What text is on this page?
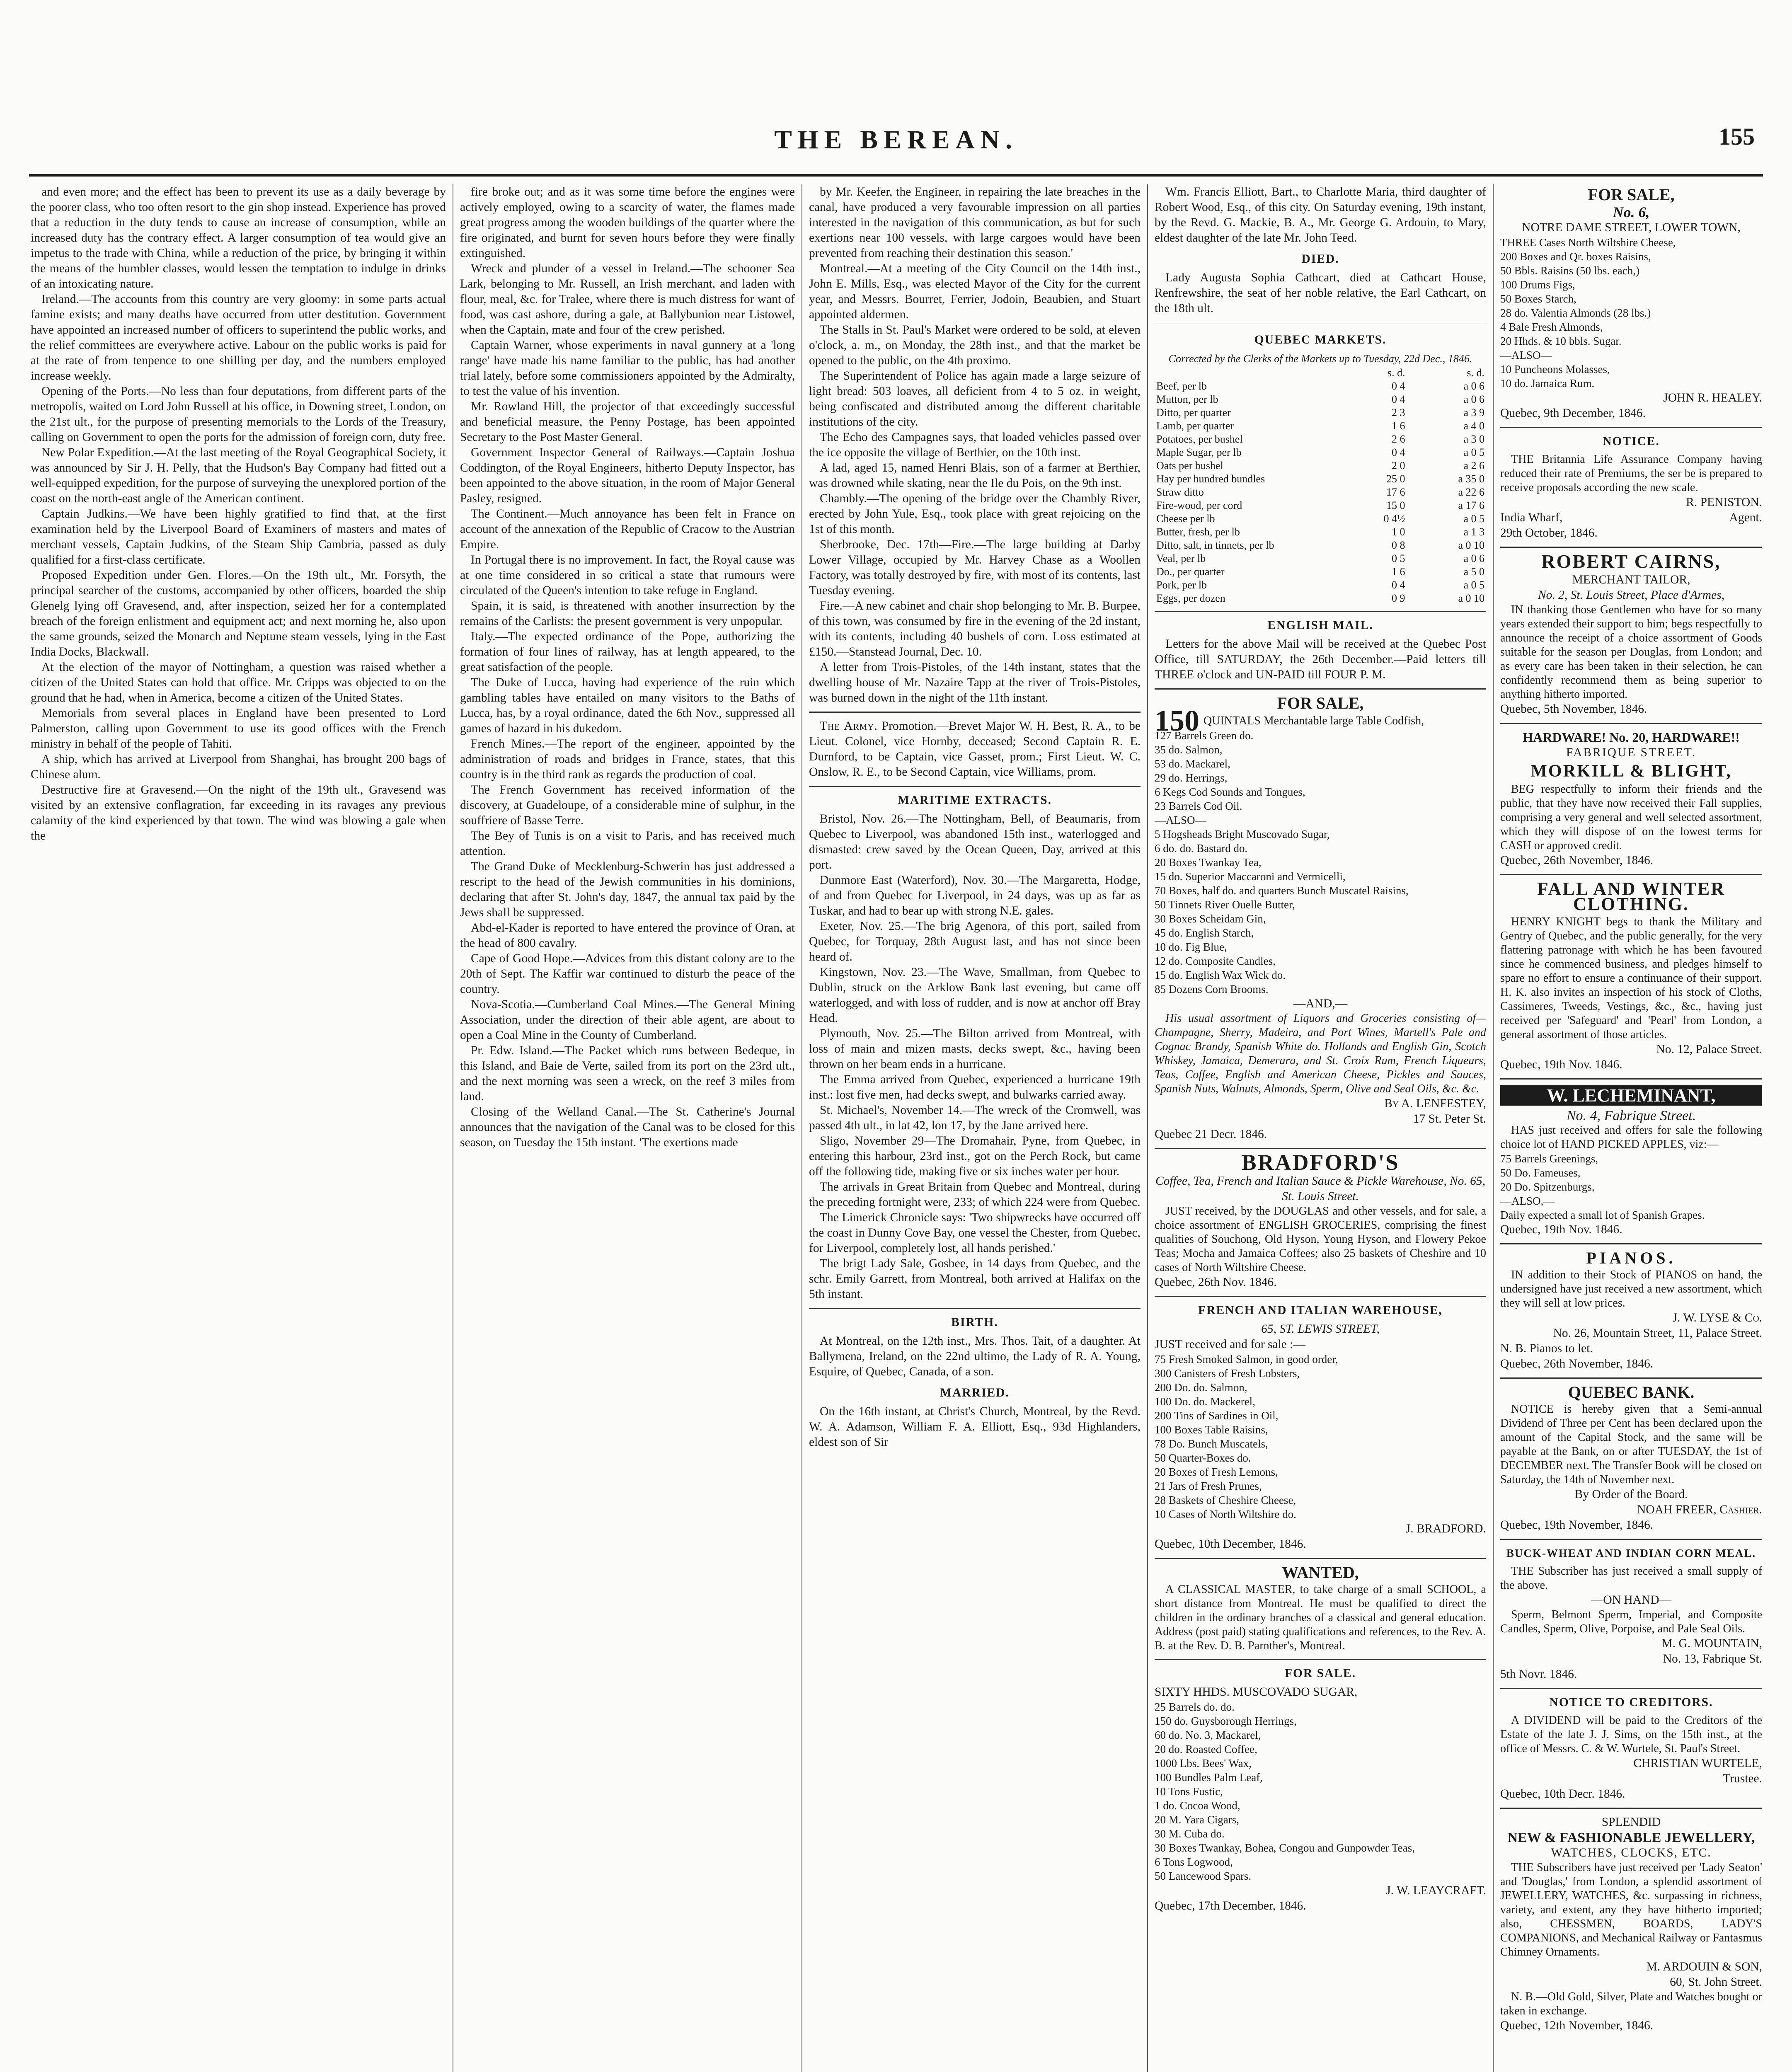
THE BEREAN.	155

and even more; and the effect has been to prevent its use as a daily beverage by the poorer class, who too often resort to the gin shop instead. Experience has proved that a reduction in the duty tends to cause an increase of consumption, while an increased duty has the contrary effect. A larger consumption of tea would give an impetus to the trade with China, while a reduction of the price, by bringing it within the means of the humbler classes, would lessen the temptation to indulge in drinks of an intoxicating nature.

Ireland.—The accounts from this country are very gloomy: in some parts actual famine exists; and many deaths have occurred from utter destitution. Government have appointed an increased number of officers to superintend the public works, and the relief committees are everywhere active. Labour on the public works is paid for at the rate of from tenpence to one shilling per day, and the numbers employed increase weekly.

Opening of the Ports.—No less than four deputations, from different parts of the metropolis, waited on Lord John Russell at his office, in Downing street, London, on the 21st ult., for the purpose of presenting memorials to the Lords of the Treasury, calling on Government to open the ports for the admission of foreign corn, duty free.

New Polar Expedition.—At the last meeting of the Royal Geographical Society, it was announced by Sir J. H. Pelly, that the Hudson's Bay Company had fitted out a well-equipped expedition, for the purpose of surveying the unexplored portion of the coast on the north-east angle of the American continent.

Captain Judkins.—We have been highly gratified to find that, at the first examination held by the Liverpool Board of Examiners of masters and mates of merchant vessels, Captain Judkins, of the Steam Ship Cambria, passed as duly qualified for a first-class certificate.

Proposed Expedition under Gen. Flores.—On the 19th ult., Mr. Forsyth, the principal searcher of the customs, accompanied by other officers, boarded the ship Glenelg lying off Gravesend, and, after inspection, seized her for a contemplated breach of the foreign enlistment and equipment act; and next morning he, also upon the same grounds, seized the Monarch and Neptune steam vessels, lying in the East India Docks, Blackwall.

At the election of the mayor of Nottingham, a question was raised whether a citizen of the United States can hold that office. Mr. Cripps was objected to on the ground that he had, when in America, become a citizen of the United States.

Memorials from several places in England have been presented to Lord Palmerston, calling upon Government to use its good offices with the French ministry in behalf of the people of Tahiti.

A ship, which has arrived at Liverpool from Shanghai, has brought 200 bags of Chinese alum.

Destructive fire at Gravesend.—On the night of the 19th ult., Gravesend was visited by an extensive conflagration, far exceeding in its ravages any previous calamity of the kind experienced by that town. The wind was blowing a gale when the

fire broke out; and as it was some time before the engines were actively employed, owing to a scarcity of water, the flames made great progress among the wooden buildings of the quarter where the fire originated, and burnt for seven hours before they were finally extinguished.

Wreck and plunder of a vessel in Ireland.—The schooner Sea Lark, belonging to Mr. Russell, an Irish merchant, and laden with flour, meal, &c. for Tralee, where there is much distress for want of food, was cast ashore, during a gale, at Ballybunion near Listowel, when the Captain, mate and four of the crew perished.

Captain Warner, whose experiments in naval gunnery at a 'long range' have made his name familiar to the public, has had another trial lately, before some commissioners appointed by the Admiralty, to test the value of his invention.

Mr. Rowland Hill, the projector of that exceedingly successful and beneficial measure, the Penny Postage, has been appointed Secretary to the Post Master General.

Government Inspector General of Railways.—Captain Joshua Coddington, of the Royal Engineers, hitherto Deputy Inspector, has been appointed to the above situation, in the room of Major General Pasley, resigned.

The Continent.—Much annoyance has been felt in France on account of the annexation of the Republic of Cracow to the Austrian Empire.

In Portugal there is no improvement. In fact, the Royal cause was at one time considered in so critical a state that rumours were circulated of the Queen's intention to take refuge in England.

Spain, it is said, is threatened with another insurrection by the remains of the Carlists: the present government is very unpopular.

Italy.—The expected ordinance of the Pope, authorizing the formation of four lines of railway, has at length appeared, to the great satisfaction of the people.

The Duke of Lucca, having had experience of the ruin which gambling tables have entailed on many visitors to the Baths of Lucca, has, by a royal ordinance, dated the 6th Nov., suppressed all games of hazard in his dukedom.

French Mines.—The report of the engineer, appointed by the administration of roads and bridges in France, states, that this country is in the third rank as regards the production of coal.

The French Government has received information of the discovery, at Guadeloupe, of a considerable mine of sulphur, in the souffriere of Basse Terre.

The Bey of Tunis is on a visit to Paris, and has received much attention.

The Grand Duke of Mecklenburg-Schwerin has just addressed a rescript to the head of the Jewish communities in his dominions, declaring that after St. John's day, 1847, the annual tax paid by the Jews shall be suppressed.

Abd-el-Kader is reported to have entered the province of Oran, at the head of 800 cavalry.

Cape of Good Hope.—Advices from this distant colony are to the 20th of Sept. The Kaffir war continued to disturb the peace of the country.

Nova-Scotia.—Cumberland Coal Mines.—The General Mining Association, under the direction of their able agent, are about to open a Coal Mine in the County of Cumberland.

Pr. Edw. Island.—The Packet which runs between Bedeque, in this Island, and Baie de Verte, sailed from its port on the 23rd ult., and the next morning was seen a wreck, on the reef 3 miles from land.

Closing of the Welland Canal.—The St. Catherine's Journal announces that the navigation of the Canal was to be closed for this season, on Tuesday the 15th instant. 'The exertions made

by Mr. Keefer, the Engineer, in repairing the late breaches in the canal, have produced a very favourable impression on all parties interested in the navigation of this communication, as but for such exertions near 100 vessels, with large cargoes would have been prevented from reaching their destination this season.'

Montreal.—At a meeting of the City Council on the 14th inst., John E. Mills, Esq., was elected Mayor of the City for the current year, and Messrs. Bourret, Ferrier, Jodoin, Beaubien, and Stuart appointed aldermen.

The Stalls in St. Paul's Market were ordered to be sold, at eleven o'clock, a. m., on Monday, the 28th inst., and that the market be opened to the public, on the 4th proximo.

The Superintendent of Police has again made a large seizure of light bread: 503 loaves, all deficient from 4 to 5 oz. in weight, being confiscated and distributed among the different charitable institutions of the city.

The Echo des Campagnes says, that loaded vehicles passed over the ice opposite the village of Berthier, on the 10th inst.

A lad, aged 15, named Henri Blais, son of a farmer at Berthier, was drowned while skating, near the Ile du Pois, on the 9th inst.

Chambly.—The opening of the bridge over the Chambly River, erected by John Yule, Esq., took place with great rejoicing on the 1st of this month.

Sherbrooke, Dec. 17th—Fire.—The large building at Darby Lower Village, occupied by Mr. Harvey Chase as a Woollen Factory, was totally destroyed by fire, with most of its contents, last Tuesday evening.

Fire.—A new cabinet and chair shop belonging to Mr. B. Burpee, of this town, was consumed by fire in the evening of the 2d instant, with its contents, including 40 bushels of corn. Loss estimated at £150.—Stanstead Journal, Dec. 10.

A letter from Trois-Pistoles, of the 14th instant, states that the dwelling house of Mr. Nazaire Tapp at the river of Trois-Pistoles, was burned down in the night of the 11th instant.

The Army. Promotion.—Brevet Major W. H. Best, R. A., to be Lieut. Colonel, vice Hornby, deceased; Second Captain R. E. Durnford, to be Captain, vice Gasset, prom.; First Lieut. W. C. Onslow, R. E., to be Second Captain, vice Williams, prom.

MARITIME EXTRACTS.

Bristol, Nov. 26.—The Nottingham, Bell, of Beaumaris, from Quebec to Liverpool, was abandoned 15th inst., waterlogged and dismasted: crew saved by the Ocean Queen, Day, arrived at this port.

Dunmore East (Waterford), Nov. 30.—The Margaretta, Hodge, of and from Quebec for Liverpool, in 24 days, was up as far as Tuskar, and had to bear up with strong N.E. gales.

Exeter, Nov. 25.—The brig Agenora, of this port, sailed from Quebec, for Torquay, 28th August last, and has not since been heard of.

Kingstown, Nov. 23.—The Wave, Smallman, from Quebec to Dublin, struck on the Arklow Bank last evening, but came off waterlogged, and with loss of rudder, and is now at anchor off Bray Head.

Plymouth, Nov. 25.—The Bilton arrived from Montreal, with loss of main and mizen masts, decks swept, &c., having been thrown on her beam ends in a hurricane.

The Emma arrived from Quebec, experienced a hurricane 19th inst.: lost five men, had decks swept, and bulwarks carried away.

St. Michael's, November 14.—The wreck of the Cromwell, was passed 4th ult., in lat 42, lon 17, by the Jane arrived here.

Sligo, November 29—The Dromahair, Pyne, from Quebec, in entering this harbour, 23rd inst., got on the Perch Rock, but came off the following tide, making five or six inches water per hour.

The arrivals in Great Britain from Quebec and Montreal, during the preceding fortnight were, 233; of which 224 were from Quebec.

The Limerick Chronicle says: 'Two shipwrecks have occurred off the coast in Dunny Cove Bay, one vessel the Chester, from Quebec, for Liverpool, completely lost, all hands perished.'

The brigt Lady Sale, Gosbee, in 14 days from Quebec, and the schr. Emily Garrett, from Montreal, both arrived at Halifax on the 5th instant.

BIRTH.

At Montreal, on the 12th inst., Mrs. Thos. Tait, of a daughter. At Ballymena, Ireland, on the 22nd ultimo, the Lady of R. A. Young, Esquire, of Quebec, Canada, of a son.

MARRIED.

On the 16th instant, at Christ's Church, Montreal, by the Revd. W. A. Adamson, William F. A. Elliott, Esq., 93d Highlanders, eldest son of Sir

Wm. Francis Elliott, Bart., to Charlotte Maria, third daughter of Robert Wood, Esq., of this city. On Saturday evening, 19th instant, by the Revd. G. Mackie, B. A., Mr. George G. Ardouin, to Mary, eldest daughter of the late Mr. John Teed.

DIED.

Lady Augusta Sophia Cathcart, died at Cathcart House, Renfrewshire, the seat of her noble relative, the Earl Cathcart, on the 18th ult.

QUEBEC MARKETS.

Corrected by the Clerks of the Markets up to Tuesday, 22d Dec., 1846.

	s. d.	s. d.
Beef, per lb	0 4	a 0 6
Mutton, per lb	0 4	a 0 6
Ditto, per quarter	2 3	a 3 9
Lamb, per quarter	1 6	a 4 0
Potatoes, per bushel	2 6	a 3 0
Maple Sugar, per lb	0 4	a 0 5
Oats per bushel	2 0	a 2 6
Hay per hundred bundles	25 0	a 35 0
Straw ditto	17 6	a 22 6
Fire-wood, per cord	15 0	a 17 6
Cheese per lb	0 4½	a 0 5
Butter, fresh, per lb	1 0	a 1 3
Ditto, salt, in tinnets, per lb	0 8	a 0 10
Veal, per lb	0 5	a 0 6
Do., per quarter	1 6	a 5 0
Pork, per lb	0 4	a 0 5
Eggs, per dozen	0 9	a 0 10
ENGLISH MAIL.

Letters for the above Mail will be received at the Quebec Post Office, till SATURDAY, the 26th December.—Paid letters till THREE o'clock and UN-PAID till FOUR P. M.

FOR SALE,
150 QUINTALS Merchantable large Table Codfish,
127 Barrels Green do.
35 do. Salmon,
53 do. Mackarel,
29 do. Herrings,
6 Kegs Cod Sounds and Tongues,
23 Barrels Cod Oil.
—ALSO—
5 Hogsheads Bright Muscovado Sugar,
6 do. do. Bastard do.
20 Boxes Twankay Tea,
15 do. Superior Maccaroni and Vermicelli,
70 Boxes, half do. and quarters Bunch Muscatel Raisins,
50 Tinnets River Ouelle Butter,
30 Boxes Scheidam Gin,
45 do. English Starch,
10 do. Fig Blue,
12 do. Composite Candles,
15 do. English Wax Wick do.
85 Dozens Corn Brooms.
—AND,—

His usual assortment of Liquors and Groceries consisting of— Champagne, Sherry, Madeira, and Port Wines, Martell's Pale and Cognac Brandy, Spanish White do. Hollands and English Gin, Scotch Whiskey, Jamaica, Demerara, and St. Croix Rum, French Liqueurs, Teas, Coffee, English and American Cheese, Pickles and Sauces, Spanish Nuts, Walnuts, Almonds, Sperm, Olive and Seal Oils, &c. &c.

By A. LENFESTEY,
17 St. Peter St.
Quebec 21 Decr. 1846.
BRADFORD'S

Coffee, Tea, French and Italian Sauce & Pickle Warehouse, No. 65, St. Louis Street.

JUST received, by the DOUGLAS and other vessels, and for sale, a choice assortment of ENGLISH GROCERIES, comprising the finest qualities of Souchong, Old Hyson, Young Hyson, and Flowery Pekoe Teas; Mocha and Jamaica Coffees; also 25 baskets of Cheshire and 10 cases of North Wiltshire Cheese.

Quebec, 26th Nov. 1846.
FRENCH AND ITALIAN WAREHOUSE,
65, ST. LEWIS STREET,
JUST received and for sale :—
75 Fresh Smoked Salmon, in good order,
300 Canisters of Fresh Lobsters,
200 Do. do. Salmon,
100 Do. do. Mackerel,
200 Tins of Sardines in Oil,
100 Boxes Table Raisins,
78 Do. Bunch Muscatels,
50 Quarter-Boxes do.
20 Boxes of Fresh Lemons,
21 Jars of Fresh Prunes,
28 Baskets of Cheshire Cheese,
10 Cases of North Wiltshire do.
J. BRADFORD.
Quebec, 10th December, 1846.
WANTED,

A CLASSICAL MASTER, to take charge of a small SCHOOL, a short distance from Montreal. He must be qualified to direct the children in the ordinary branches of a classical and general education. Address (post paid) stating qualifications and references, to the Rev. A. B. at the Rev. D. B. Parnther's, Montreal.

FOR SALE.
SIXTY HHDS. MUSCOVADO SUGAR,
25 Barrels do. do.
150 do. Guysborough Herrings,
60 do. No. 3, Mackarel,
20 do. Roasted Coffee,
1000 Lbs. Bees' Wax,
100 Bundles Palm Leaf,
10 Tons Fustic,
1 do. Cocoa Wood,
20 M. Yara Cigars,
30 M. Cuba do.
30 Boxes Twankay, Bohea, Congou and Gunpowder Teas,
6 Tons Logwood,
50 Lancewood Spars.
J. W. LEAYCRAFT.
Quebec, 17th December, 1846.
FOR SALE,
No. 6,
NOTRE DAME STREET, LOWER TOWN,
THREE Cases North Wiltshire Cheese,
200 Boxes and Qr. boxes Raisins,
50 Bbls. Raisins (50 lbs. each,)
100 Drums Figs,
50 Boxes Starch,
28 do. Valentia Almonds (28 lbs.)
4 Bale Fresh Almonds,
20 Hhds. & 10 bbls. Sugar.
—ALSO—
10 Puncheons Molasses,
10 do. Jamaica Rum.
JOHN R. HEALEY.
Quebec, 9th December, 1846.
NOTICE.

THE Britannia Life Assurance Company having reduced their rate of Premiums, the ser be is prepared to receive proposals according the new scale.

R. PENISTON.
India Wharf,	Agent.
29th October, 1846.
ROBERT CAIRNS,
MERCHANT TAILOR,
No. 2, St. Louis Street, Place d'Armes,

IN thanking those Gentlemen who have for so many years extended their support to him; begs respectfully to announce the receipt of a choice assortment of Goods suitable for the season per Douglas, from London; and as every care has been taken in their selection, he can confidently recommend them as being superior to anything hitherto imported.

Quebec, 5th November, 1846.
HARDWARE! No. 20, HARDWARE!!
FABRIQUE STREET.
MORKILL & BLIGHT,

BEG respectfully to inform their friends and the public, that they have now received their Fall supplies, comprising a very general and well selected assortment, which they will dispose of on the lowest terms for CASH or approved credit.

Quebec, 26th November, 1846.
FALL AND WINTER CLOTHING.

HENRY KNIGHT begs to thank the Military and Gentry of Quebec, and the public generally, for the very flattering patronage with which he has been favoured since he commenced business, and pledges himself to spare no effort to ensure a continuance of their support. H. K. also invites an inspection of his stock of Cloths, Cassimeres, Tweeds, Vestings, &c., &c., having just received per 'Safeguard' and 'Pearl' from London, a general assortment of those articles.

No. 12, Palace Street.
Quebec, 19th Nov. 1846.
W. LECHEMINANT,
No. 4, Fabrique Street.

HAS just received and offers for sale the following choice lot of HAND PICKED APPLES, viz:—

75 Barrels Greenings,
50 Do. Fameuses,
20 Do. Spitzenburgs,
—ALSO,—
Daily expected a small lot of Spanish Grapes.
Quebec, 19th Nov. 1846.
PIANOS.

IN addition to their Stock of PIANOS on hand, the undersigned have just received a new assortment, which they will sell at low prices.

J. W. LYSE & Co.
No. 26, Mountain Street, 11, Palace Street.
N. B. Pianos to let.
Quebec, 26th November, 1846.
QUEBEC BANK.

NOTICE is hereby given that a Semi-annual Dividend of Three per Cent has been declared upon the amount of the Capital Stock, and the same will be payable at the Bank, on or after TUESDAY, the 1st of DECEMBER next. The Transfer Book will be closed on Saturday, the 14th of November next.

By Order of the Board.
NOAH FREER, Cashier.
Quebec, 19th November, 1846.
BUCK-WHEAT AND INDIAN CORN MEAL.

THE Subscriber has just received a small supply of the above.

—ON HAND—

Sperm, Belmont Sperm, Imperial, and Composite Candles, Sperm, Olive, Porpoise, and Pale Seal Oils.

M. G. MOUNTAIN,
No. 13, Fabrique St.
5th Novr. 1846.
NOTICE TO CREDITORS.

A DIVIDEND will be paid to the Creditors of the Estate of the late J. J. Sims, on the 15th inst., at the office of Messrs. C. & W. Wurtele, St. Paul's Street.

CHRISTIAN WURTELE,
Trustee.
Quebec, 10th Decr. 1846.
SPLENDID
NEW & FASHIONABLE JEWELLERY,
WATCHES, CLOCKS, ETC.

THE Subscribers have just received per 'Lady Seaton' and 'Douglas,' from London, a splendid assortment of JEWELLERY, WATCHES, &c. surpassing in richness, variety, and extent, any they have hitherto imported; also, CHESSMEN, BOARDS, LADY'S COMPANIONS, and Mechanical Railway or Fantasmus Chimney Ornaments.

M. ARDOUIN & SON,
60, St. John Street.

N. B.—Old Gold, Silver, Plate and Watches bought or taken in exchange.

Quebec, 12th November, 1846.
